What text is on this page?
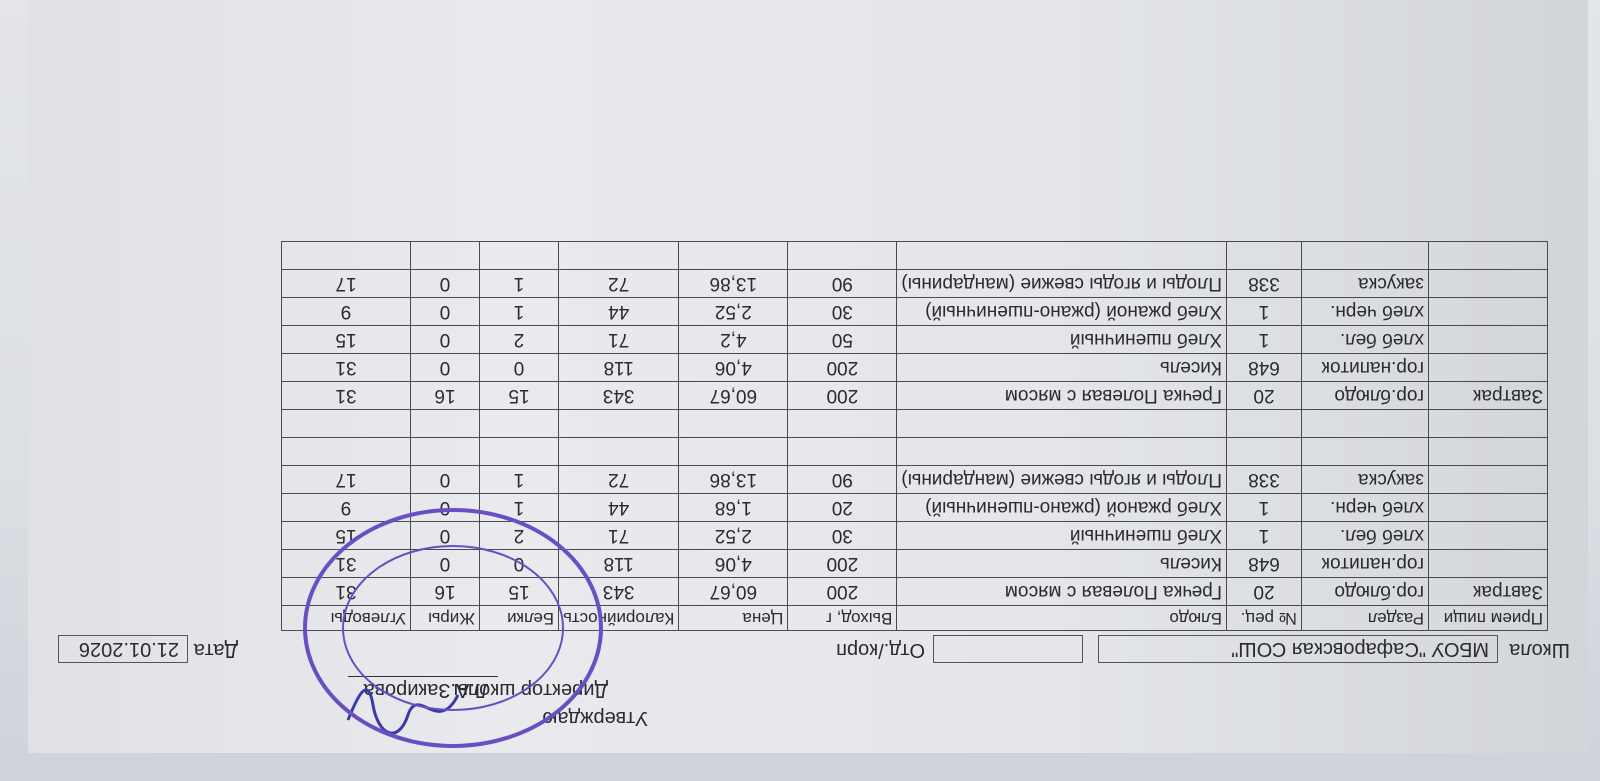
Утверждаю
Директор школы
Л.А.Закирова
Школа
МБОУ "Сафаровская СОШ"
Отд./корп
Дата
21.01.2026
Прием пищи	Раздел	№ рец.	Блюдо	Выход, г	Цена	Калорийность	Белки	Жиры	Углеводы
Завтрак	гор.блюдо	20	Гречка Полевая с мясом	200	60,67	343	15	16	31
	гор.напиток	648	Кисель	200	4,06	118	0	0	31
	хлеб бел.	1	Хлеб пшеничный	30	2,52	71	2	0	15
	хлеб черн.	1	Хлеб ржаной (ржано-пшеничный)	20	1,68	44	1	0	9
	закуска	338	Плоды и ягоды свежие (мандарины)	90	13,86	72	1	0	17

Завтрак	гор.блюдо	20	Гречка Полевая с мясом	200	60,67	343	15	16	31
	гор.напиток	648	Кисель	200	4,06	118	0	0	31
	хлеб бел.	1	Хлеб пшеничный	50	4,2	71	2	0	15
	хлеб черн.	1	Хлеб ржаной (ржано-пшеничный)	30	2,52	44	1	0	9
	закуска	338	Плоды и ягоды свежие (мандарины)	90	13,86	72	1	0	17
